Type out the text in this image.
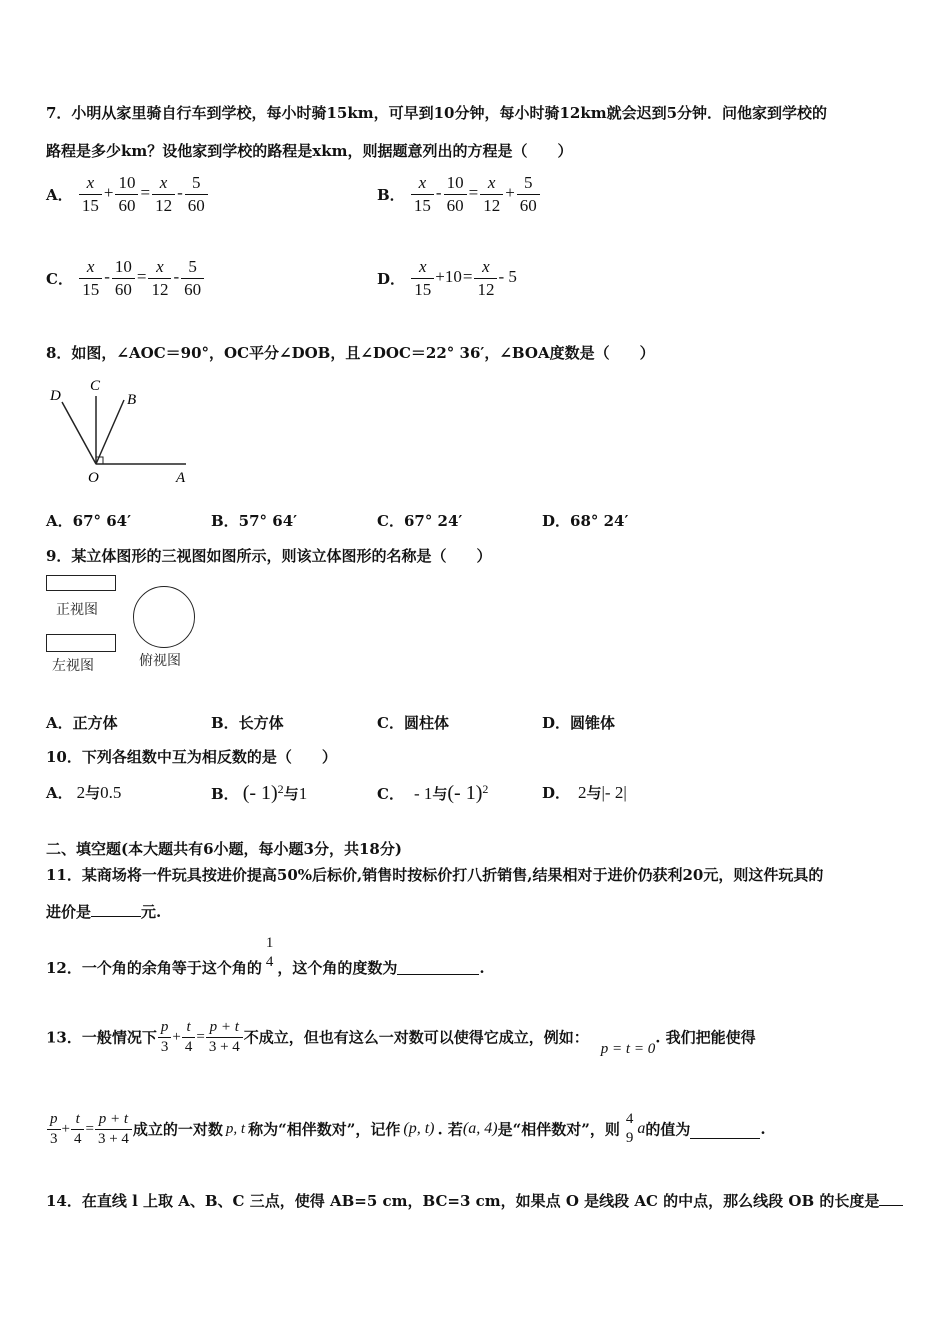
7．小明从家里骑自行车到学校，每小时骑15km，可早到10分钟，每小时骑12km就会迟到5分钟．问他家到学校的
路程是多少km？设他家到学校的路程是xkm，则据题意列出的方程是（　　）
A． $\frac{x}{15} + \frac{10}{60} = \frac{x}{12} - \frac{5}{60}$	B． $\frac{x}{15} - \frac{10}{60} = \frac{x}{12} + \frac{5}{60}$
C． $\frac{x}{15} - \frac{10}{60} = \frac{x}{12} - \frac{5}{60}$	D． $\frac{x}{15} +10= \frac{x}{12} - 5$
8．如图，∠AOC＝90°，OC平分∠DOB，且∠DOC＝22° 36′，∠BOA度数是（　　）
D
C
B
O	A
A．67° 64′	B．57° 64′	C．67° 24′	D．68° 24′
9．某立体图形的三视图如图所示，则该立体图形的名称是（　　）
正视图
左视图	俯视图
A．正方体	B．长方体	C．圆柱体	D．圆锥体
10．下列各组数中互为相反数的是（　　）
A． 2与0.5	B． (- 1)$^2$与1	C． - 1与(- 1)$^2$	D． 2与|- 2|
二、填空题(本大题共有6小题，每小题3分，共18分)
11．某商场将一件玩具按进价提高50%后标价,销售时按标价打八折销售,结果相对于进价仍获利20元，则这件玩具的
进价是	元.
12．一个角的余角等于这个角的
1
4 ，这个角的度数为	.
13．一般情况下 $\frac{p}{3} + \frac{t}{4} = \frac{p + t}{3 + 4}$ 不成立，但也有这么一对数可以使得它成立，例如：p = t = 0. 我们把能使得
$\frac{p}{3} + \frac{t}{4} = \frac{p + t}{3 + 4}$ 成立的一对数 p, t 称为“相伴数对”，记作 (p, t) . 若(a, 4)是“相伴数对”，则
4
9
a的值为	.
14．在直线 l 上取 A、B、C 三点，使得 AB=5 cm，BC=3 cm，如果点 O 是线段 AC 的中点，那么线段 OB 的长度是
